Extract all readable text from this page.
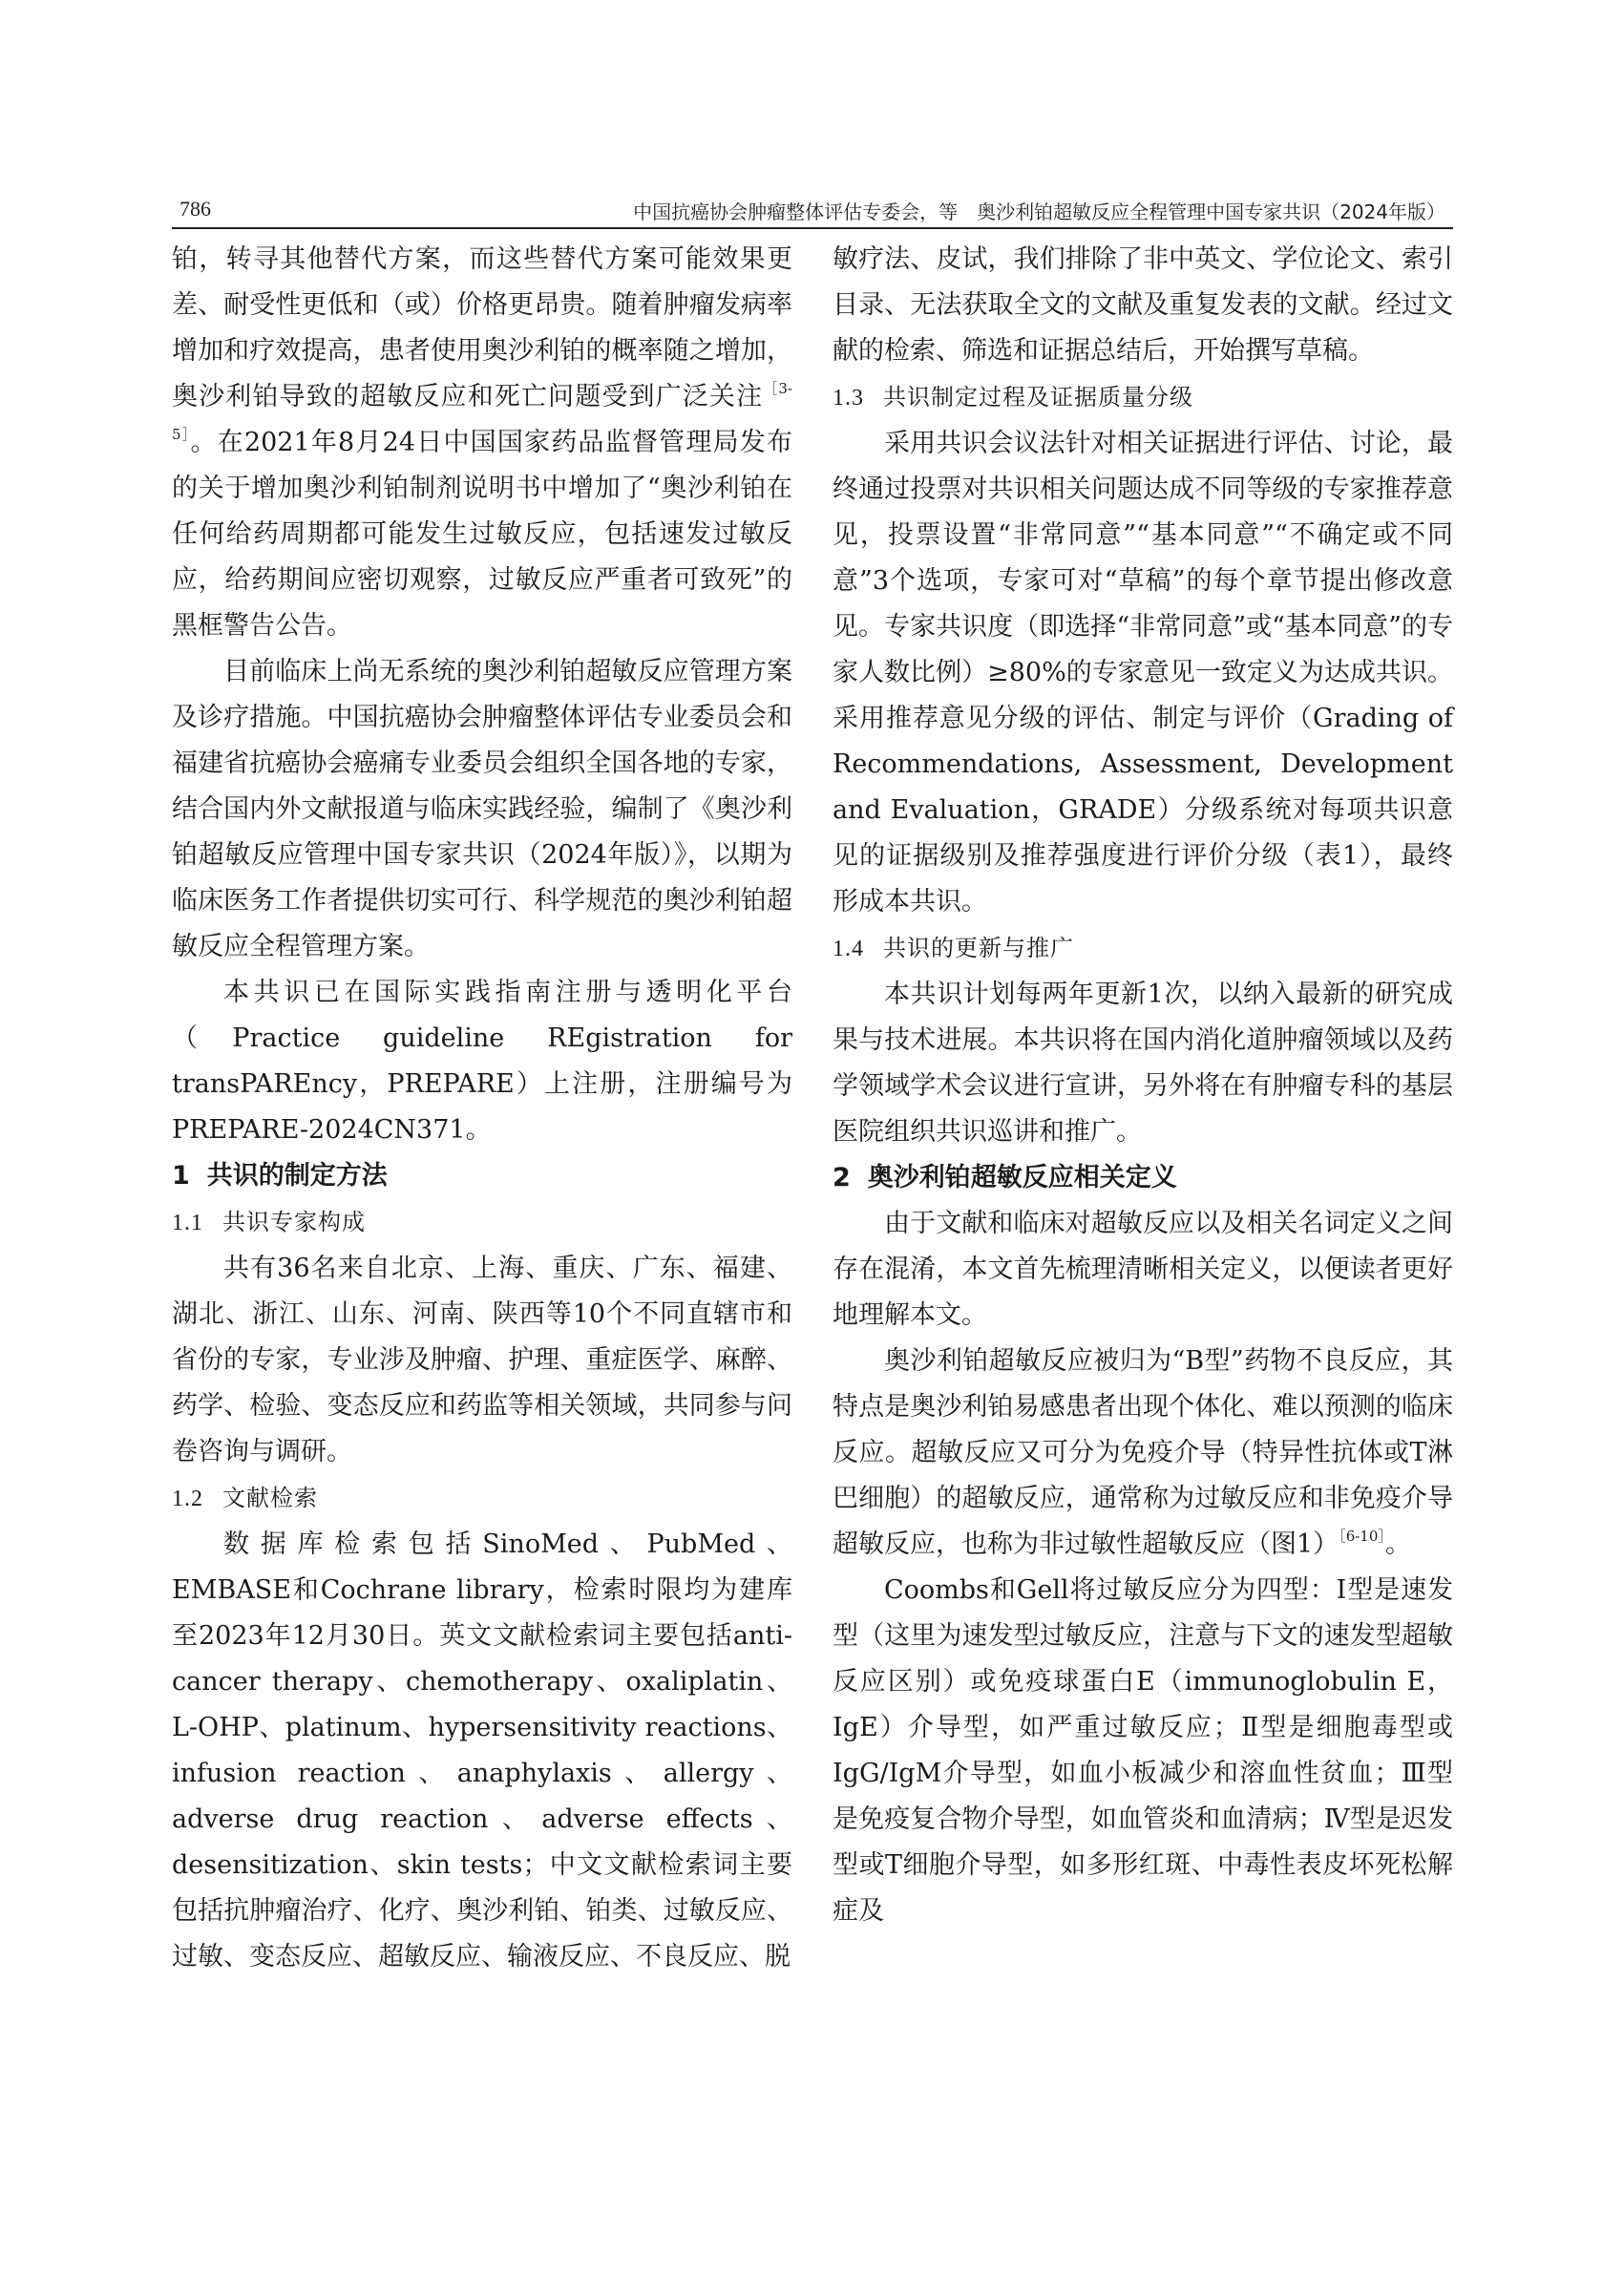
786	中国抗癌协会肿瘤整体评估专委会，等　奥沙利铂超敏反应全程管理中国专家共识（2024年版）

铂，转寻其他替代方案，而这些替代方案可能效果更差、耐受性更低和（或）价格更昂贵。随着肿瘤发病率增加和疗效提高，患者使用奥沙利铂的概率随之增加，奥沙利铂导致的超敏反应和死亡问题受到广泛关注$^{[3-5]}$。在2021年8月24日中国国家药品监督管理局发布的关于增加奥沙利铂制剂说明书中增加了“奥沙利铂在任何给药周期都可能发生过敏反应，包括速发过敏反应，给药期间应密切观察，过敏反应严重者可致死”的黑框警告公告。

目前临床上尚无系统的奥沙利铂超敏反应管理方案及诊疗措施。中国抗癌协会肿瘤整体评估专业委员会和福建省抗癌协会癌痛专业委员会组织全国各地的专家，结合国内外文献报道与临床实践经验，编制了《奥沙利铂超敏反应管理中国专家共识（2024年版）》，以期为临床医务工作者提供切实可行、科学规范的奥沙利铂超敏反应全程管理方案。

本共识已在国际实践指南注册与透明化平台（Practice guideline REgistration for transPAREncy，PREPARE）上注册，注册编号为PREPARE-2024CN371。

1 共识的制定方法

1.1 共识专家构成

共有36名来自北京、上海、重庆、广东、福建、湖北、浙江、山东、河南、陕西等10个不同直辖市和省份的专家，专业涉及肿瘤、护理、重症医学、麻醉、药学、检验、变态反应和药监等相关领域，共同参与问卷咨询与调研。

1.2 文献检索

数据库检索包括SinoMed、PubMed、EMBASE和Cochrane library，检索时限均为建库至2023年12月30日。英文文献检索词主要包括anti-cancer therapy、chemotherapy、oxaliplatin、L-OHP、platinum、hypersensitivity reactions、infusion reaction、anaphylaxis、allergy、adverse drug reaction、adverse effects、desensitization、skin tests；中文文献检索词主要包括抗肿瘤治疗、化疗、奥沙利铂、铂类、过敏反应、过敏、变态反应、超敏反应、输液反应、不良反应、脱

敏疗法、皮试，我们排除了非中英文、学位论文、索引目录、无法获取全文的文献及重复发表的文献。经过文献的检索、筛选和证据总结后，开始撰写草稿。

1.3 共识制定过程及证据质量分级

采用共识会议法针对相关证据进行评估、讨论，最终通过投票对共识相关问题达成不同等级的专家推荐意见，投票设置“非常同意”“基本同意”“不确定或不同意”3个选项，专家可对“草稿”的每个章节提出修改意见。专家共识度（即选择“非常同意”或“基本同意”的专家人数比例）≥80%的专家意见一致定义为达成共识。采用推荐意见分级的评估、制定与评价（Grading of Recommendations, Assessment, Development and Evaluation，GRADE）分级系统对每项共识意见的证据级别及推荐强度进行评价分级（表1），最终形成本共识。

1.4 共识的更新与推广

本共识计划每两年更新1次，以纳入最新的研究成果与技术进展。本共识将在国内消化道肿瘤领域以及药学领域学术会议进行宣讲，另外将在有肿瘤专科的基层医院组织共识巡讲和推广。

2 奥沙利铂超敏反应相关定义

由于文献和临床对超敏反应以及相关名词定义之间存在混淆，本文首先梳理清晰相关定义，以便读者更好地理解本文。

奥沙利铂超敏反应被归为“B型”药物不良反应，其特点是奥沙利铂易感患者出现个体化、难以预测的临床反应。超敏反应又可分为免疫介导（特异性抗体或T淋巴细胞）的超敏反应，通常称为过敏反应和非免疫介导超敏反应，也称为非过敏性超敏反应（图1）$^{[6-10]}$。

Coombs和Gell将过敏反应分为四型：Ⅰ型是速发型（这里为速发型过敏反应，注意与下文的速发型超敏反应区别）或免疫球蛋白E（immunoglobulin E，IgE）介导型，如严重过敏反应；Ⅱ型是细胞毒型或IgG/IgM介导型，如血小板减少和溶血性贫血；Ⅲ型是免疫复合物介导型，如血管炎和血清病；Ⅳ型是迟发型或T细胞介导型，如多形红斑、中毒性表皮坏死松解症及
